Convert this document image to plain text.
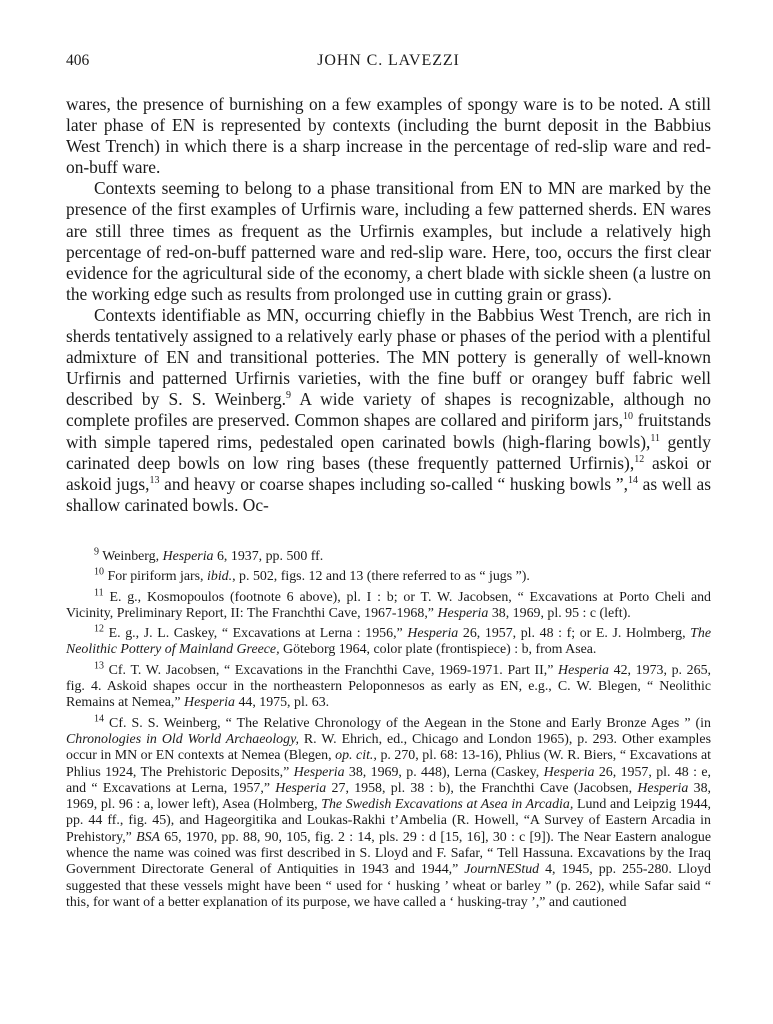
406	JOHN C. LAVEZZI

wares, the presence of burnishing on a few examples of spongy ware is to be noted. A still later phase of EN is represented by contexts (including the burnt deposit in the Babbius West Trench) in which there is a sharp increase in the percentage of red-slip ware and red-on-buff ware.

Contexts seeming to belong to a phase transitional from EN to MN are marked by the presence of the first examples of Urfirnis ware, including a few patterned sherds. EN wares are still three times as frequent as the Urfirnis examples, but include a relatively high percentage of red-on-buff patterned ware and red-slip ware. Here, too, occurs the first clear evidence for the agricultural side of the economy, a chert blade with sickle sheen (a lustre on the working edge such as results from prolonged use in cutting grain or grass).

Contexts identifiable as MN, occurring chiefly in the Babbius West Trench, are rich in sherds tentatively assigned to a relatively early phase or phases of the period with a plentiful admixture of EN and transitional potteries. The MN pottery is generally of well-known Urfirnis and patterned Urfirnis varieties, with the fine buff or orangey buff fabric well described by S. S. Weinberg.$^9$ A wide variety of shapes is recognizable, although no complete profiles are preserved. Common shapes are collared and piriform jars,$^{10}$ fruitstands with simple tapered rims, pedestaled open carinated bowls (high-flaring bowls),$^{11}$ gently carinated deep bowls on low ring bases (these frequently patterned Urfirnis),$^{12}$ askoi or askoid jugs,$^{13}$ and heavy or coarse shapes including so-called “ husking bowls ”,$^{14}$ as well as shallow carinated bowls. Oc-

$^9$ Weinberg, Hesperia 6, 1937, pp. 500 ff.

$^{10}$ For piriform jars, ibid., p. 502, figs. 12 and 13 (there referred to as “ jugs ”).

$^{11}$ E. g., Kosmopoulos (footnote 6 above), pl. I : b; or T. W. Jacobsen, “ Excavations at Porto Cheli and Vicinity, Preliminary Report, II: The Franchthi Cave, 1967-1968,” Hesperia 38, 1969, pl. 95 : c (left).

$^{12}$ E. g., J. L. Caskey, “ Excavations at Lerna : 1956,” Hesperia 26, 1957, pl. 48 : f; or E. J. Holmberg, The Neolithic Pottery of Mainland Greece, Göteborg 1964, color plate (frontispiece) : b, from Asea.

$^{13}$ Cf. T. W. Jacobsen, “ Excavations in the Franchthi Cave, 1969-1971. Part II,” Hesperia 42, 1973, p. 265, fig. 4. Askoid shapes occur in the northeastern Peloponnesos as early as EN, e.g., C. W. Blegen, “ Neolithic Remains at Nemea,” Hesperia 44, 1975, pl. 63.

$^{14}$ Cf. S. S. Weinberg, “ The Relative Chronology of the Aegean in the Stone and Early Bronze Ages ” (in Chronologies in Old World Archaeology, R. W. Ehrich, ed., Chicago and London 1965), p. 293. Other examples occur in MN or EN contexts at Nemea (Blegen, op. cit., p. 270, pl. 68: 13-16), Phlius (W. R. Biers, “ Excavations at Phlius 1924, The Prehistoric Deposits,” Hesperia 38, 1969, p. 448), Lerna (Caskey, Hesperia 26, 1957, pl. 48 : e, and “ Excavations at Lerna, 1957,” Hesperia 27, 1958, pl. 38 : b), the Franchthi Cave (Jacobsen, Hesperia 38, 1969, pl. 96 : a, lower left), Asea (Holmberg, The Swedish Excavations at Asea in Arcadia, Lund and Leipzig 1944, pp. 44 ff., fig. 45), and Hageorgitika and Loukas-Rakhi t’Ambelia (R. Howell, “A Survey of Eastern Arcadia in Prehistory,” BSA 65, 1970, pp. 88, 90, 105, fig. 2 : 14, pls. 29 : d [15, 16], 30 : c [9]). The Near Eastern analogue whence the name was coined was first described in S. Lloyd and F. Safar, “ Tell Hassuna. Excavations by the Iraq Government Directorate General of Antiquities in 1943 and 1944,” JournNEStud 4, 1945, pp. 255-280. Lloyd suggested that these vessels might have been “ used for ‘ husking ’ wheat or barley ” (p. 262), while Safar said “ this, for want of a better explanation of its purpose, we have called a ‘ husking-tray ’,” and cautioned
